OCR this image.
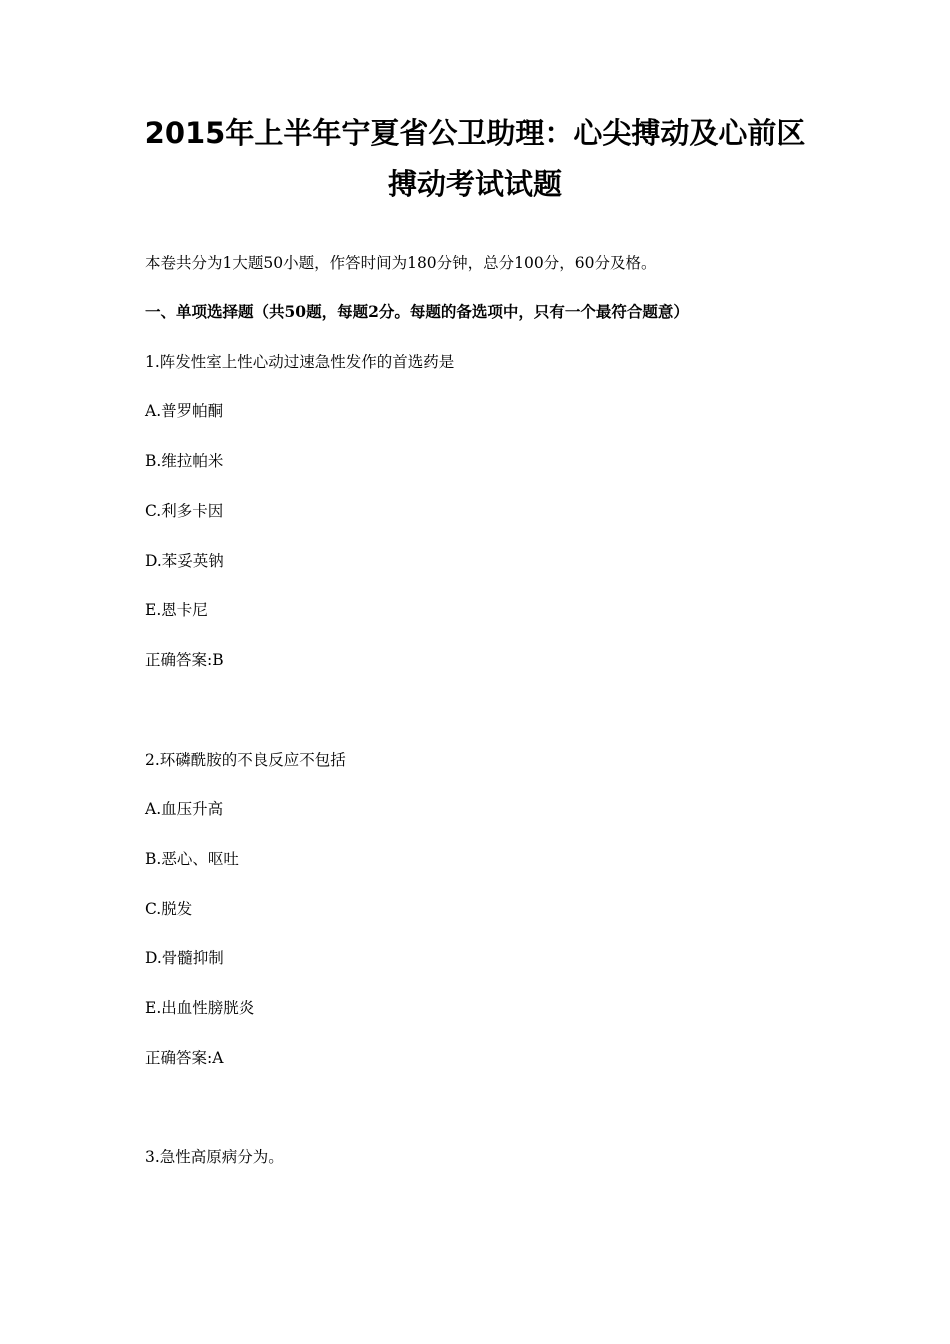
2015年上半年宁夏省公卫助理：心尖搏动及心前区
搏动考试试题
本卷共分为1大题50小题，作答时间为180分钟，总分100分，60分及格。
一、单项选择题（共50题，每题2分。每题的备选项中，只有一个最符合题意）
1.阵发性室上性心动过速急性发作的首选药是
A.普罗帕酮
B.维拉帕米
C.利多卡因
D.苯妥英钠
E.恩卡尼
正确答案:B
2.环磷酰胺的不良反应不包括
A.血压升高
B.恶心、呕吐
C.脱发
D.骨髓抑制
E.出血性膀胱炎
正确答案:A
3.急性高原病分为。
